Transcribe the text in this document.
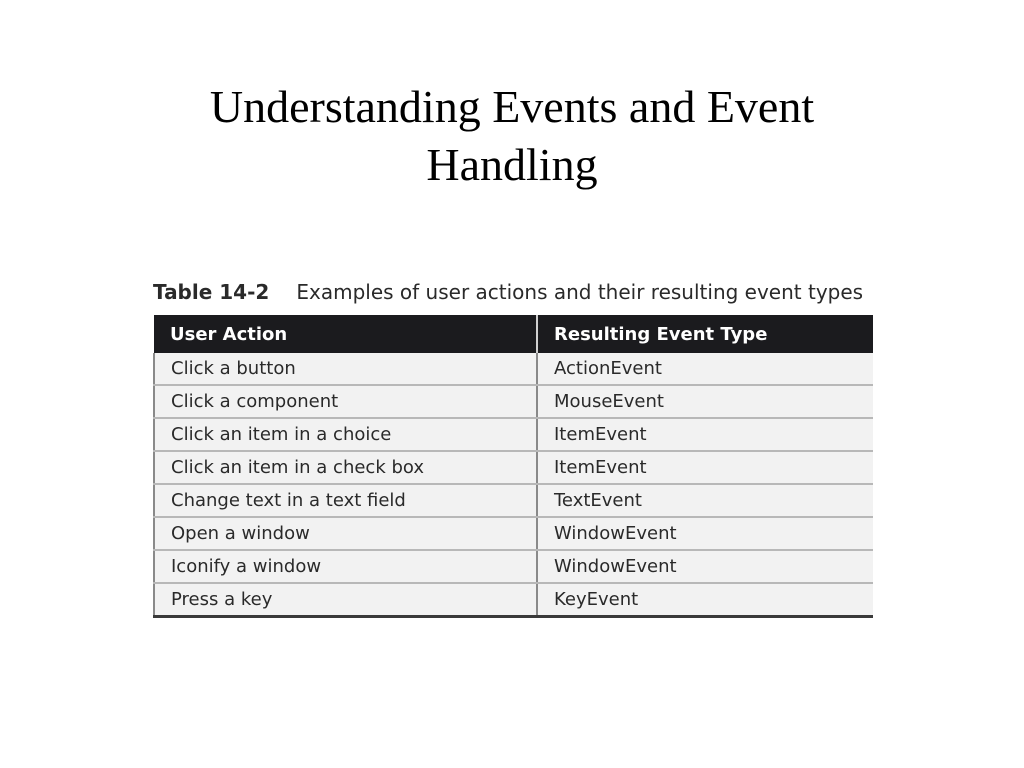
Understanding Events and Event
Handling
Table 14-2 Examples of user actions and their resulting event types
User Action	Resulting Event Type
Click a button	ActionEvent
Click a component	MouseEvent
Click an item in a choice	ItemEvent
Click an item in a check box	ItemEvent
Change text in a text field	TextEvent
Open a window	WindowEvent
Iconify a window	WindowEvent
Press a key	KeyEvent
